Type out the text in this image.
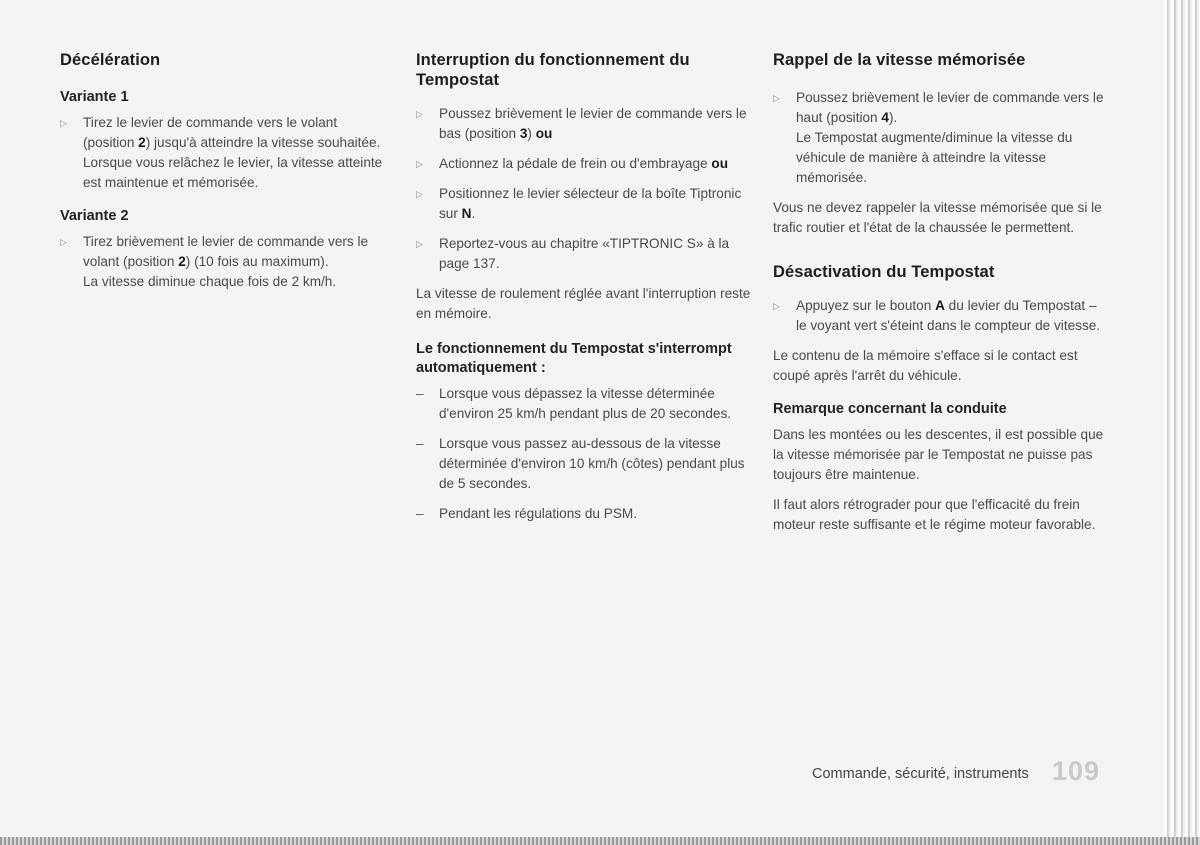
Décélération
Variante 1
▷	Tirez le levier de commande vers le volant (position 2) jusqu'à atteindre la vitesse souhaitée.
Lorsque vous relâchez le levier, la vitesse atteinte est maintenue et mémorisée.
Variante 2
▷	Tirez brièvement le levier de commande vers le volant (position 2) (10 fois au maximum).
La vitesse diminue chaque fois de 2 km/h.
Interruption du fonctionnement du Tempostat
▷	Poussez brièvement le levier de commande vers le bas (position 3) ou
▷	Actionnez la pédale de frein ou d'embrayage ou
▷	Positionnez le levier sélecteur de la boîte Tiptronic sur N.
▷	Reportez-vous au chapitre «TIPTRONIC S» à la page 137.

La vitesse de roulement réglée avant l'interruption reste en mémoire.

Le fonctionnement du Tempostat s'interrompt automatiquement :
–	Lorsque vous dépassez la vitesse déterminée d'environ 25 km/h pendant plus de 20 secondes.
–	Lorsque vous passez au-dessous de la vitesse déterminée d'environ 10 km/h (côtes) pendant plus de 5 secondes.
–	Pendant les régulations du PSM.
Rappel de la vitesse mémorisée
▷	Poussez brièvement le levier de commande vers le haut (position 4).
Le Tempostat augmente/diminue la vitesse du véhicule de manière à atteindre la vitesse mémorisée.

Vous ne devez rappeler la vitesse mémorisée que si le trafic routier et l'état de la chaussée le permettent.

Désactivation du Tempostat
▷	Appuyez sur le bouton A du levier du Tempostat –
le voyant vert s'éteint dans le compteur de vitesse.

Le contenu de la mémoire s'efface si le contact est coupé après l'arrêt du véhicule.

Remarque concernant la conduite

Dans les montées ou les descentes, il est possible que la vitesse mémorisée par le Tempostat ne puisse pas toujours être maintenue.

Il faut alors rétrograder pour que l'efficacité du frein moteur reste suffisante et le régime moteur favorable.

Commande, sécurité, instruments 109
